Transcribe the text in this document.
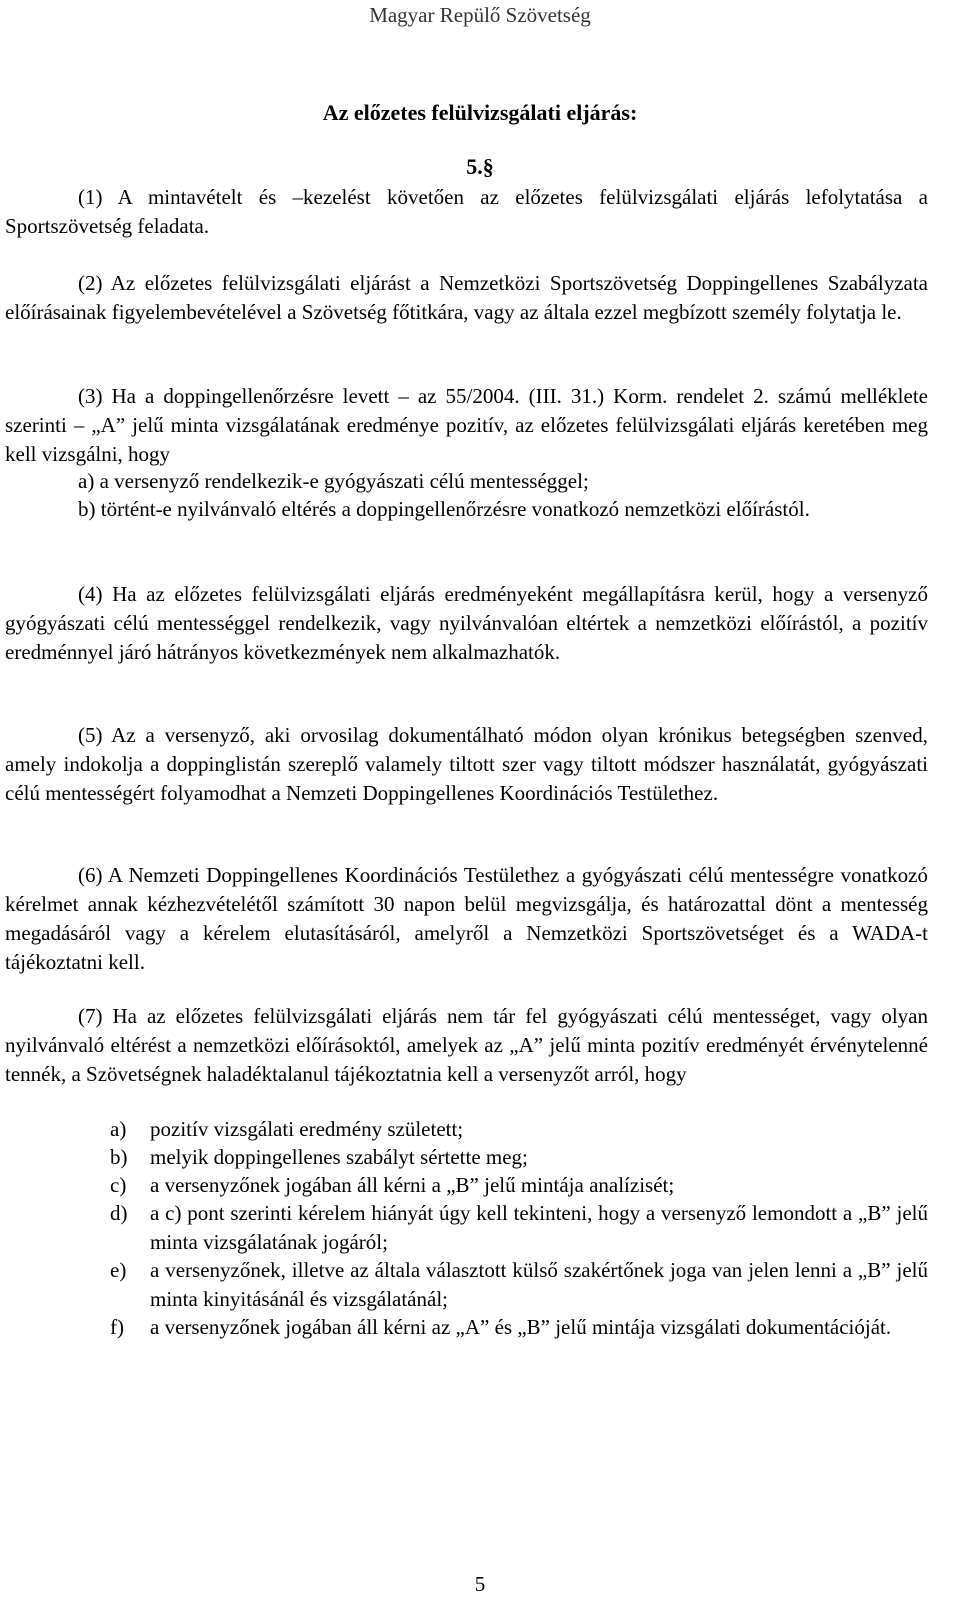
Magyar Repülő Szövetség
Az előzetes felülvizsgálati eljárás:
5.§

(1) A mintavételt és –kezelést követően az előzetes felülvizsgálati eljárás lefolytatása a Sportszövetség feladata.

(2) Az előzetes felülvizsgálati eljárást a Nemzetközi Sportszövetség Doppingellenes Szabályzata előírásainak figyelembevételével a Szövetség főtitkára, vagy az általa ezzel megbízott személy folytatja le.

(3) Ha a doppingellenőrzésre levett – az 55/2004. (III. 31.) Korm. rendelet 2. számú melléklete szerinti – „A” jelű minta vizsgálatának eredménye pozitív, az előzetes felülvizsgálati eljárás keretében meg kell vizsgálni, hogy

a) a versenyző rendelkezik-e gyógyászati célú mentességgel;
b) történt-e nyilvánvaló eltérés a doppingellenőrzésre vonatkozó nemzetközi előírástól.

(4) Ha az előzetes felülvizsgálati eljárás eredményeként megállapításra kerül, hogy a versenyző gyógyászati célú mentességgel rendelkezik, vagy nyilvánvalóan eltértek a nemzetközi előírástól, a pozitív eredménnyel járó hátrányos következmények nem alkalmazhatók.

(5) Az a versenyző, aki orvosilag dokumentálható módon olyan krónikus betegségben szenved, amely indokolja a doppinglistán szereplő valamely tiltott szer vagy tiltott módszer használatát, gyógyászati célú mentességért folyamodhat a Nemzeti Doppingellenes Koordinációs Testülethez.

(6) A Nemzeti Doppingellenes Koordinációs Testülethez a gyógyászati célú mentességre vonatkozó kérelmet annak kézhezvételétől számított 30 napon belül megvizsgálja, és határozattal dönt a mentesség megadásáról vagy a kérelem elutasításáról, amelyről a Nemzetközi Sportszövetséget és a WADA-t tájékoztatni kell.

(7) Ha az előzetes felülvizsgálati eljárás nem tár fel gyógyászati célú mentességet, vagy olyan nyilvánvaló eltérést a nemzetközi előírásoktól, amelyek az „A” jelű minta pozitív eredményét érvénytelenné tennék, a Szövetségnek haladéktalanul tájékoztatnia kell a versenyzőt arról, hogy

a) pozitív vizsgálati eredmény született;
b) melyik doppingellenes szabályt sértette meg;
c) a versenyzőnek jogában áll kérni a „B” jelű mintája analízisét;
d) a c) pont szerinti kérelem hiányát úgy kell tekinteni, hogy a versenyző lemondott a „B” jelű minta vizsgálatának jogáról;
e) a versenyzőnek, illetve az általa választott külső szakértőnek joga van jelen lenni a „B” jelű minta kinyitásánál és vizsgálatánál;
f) a versenyzőnek jogában áll kérni az „A” és „B” jelű mintája vizsgálati dokumentációját.
5
